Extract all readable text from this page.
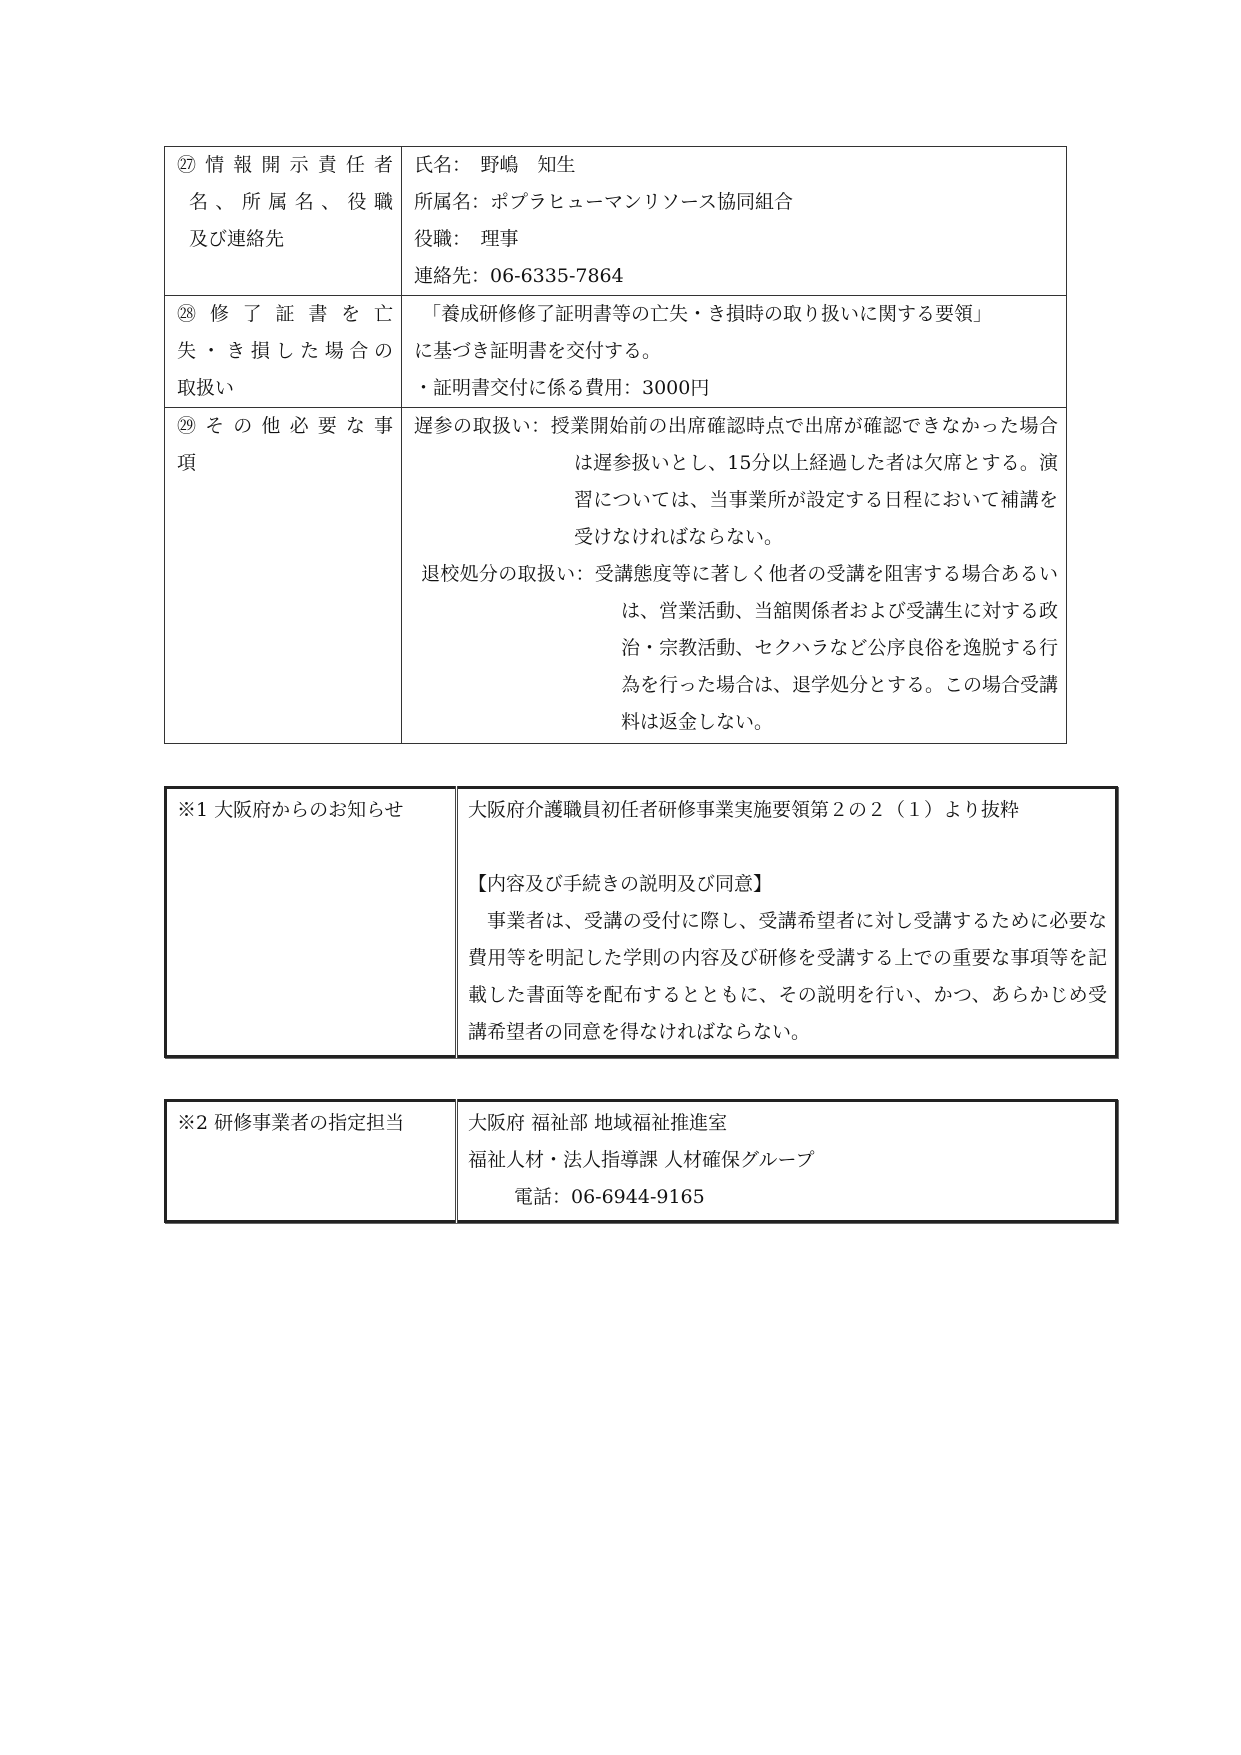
㉗情報開示責任者
名、所属名、役職
及び連絡先	氏名：　野嶋　知生
所属名：ポプラヒューマンリソース協同組合
役職：　理事
連絡先：06-6335-7864

㉘修了証書を亡
失・き損した場合の
取扱い	「養成研修修了証明書等の亡失・き損時の取り扱いに関する要領」
に基づき証明書を交付する。
・証明書交付に係る費用：3000円

㉙その他必要な事
項	遅参の取扱い：授業開始前の出席確認時点で出席が確認できなかった場合は遅参扱いとし、15分以上経過した者は欠席とする。演習については、当事業所が設定する日程において補講を受けなければならない。
退校処分の取扱い：受講態度等に著しく他者の受講を阻害する場合あるいは、営業活動、当舘関係者および受講生に対する政治・宗教活動、セクハラなど公序良俗を逸脱する行為を行った場合は、退学処分とする。この場合受講料は返金しない。
※1 大阪府からのお知らせ	大阪府介護職員初任者研修事業実施要領第２の２（１）より抜粋
【内容及び手続きの説明及び同意】
事業者は、受講の受付に際し、受講希望者に対し受講するために必要な費用等を明記した学則の内容及び研修を受講する上での重要な事項等を記載した書面等を配布するとともに、その説明を行い、かつ、あらかじめ受講希望者の同意を得なければならない。
※2 研修事業者の指定担当	大阪府 福祉部 地域福祉推進室
福祉人材・法人指導課 人材確保グループ
電話：06-6944-9165
